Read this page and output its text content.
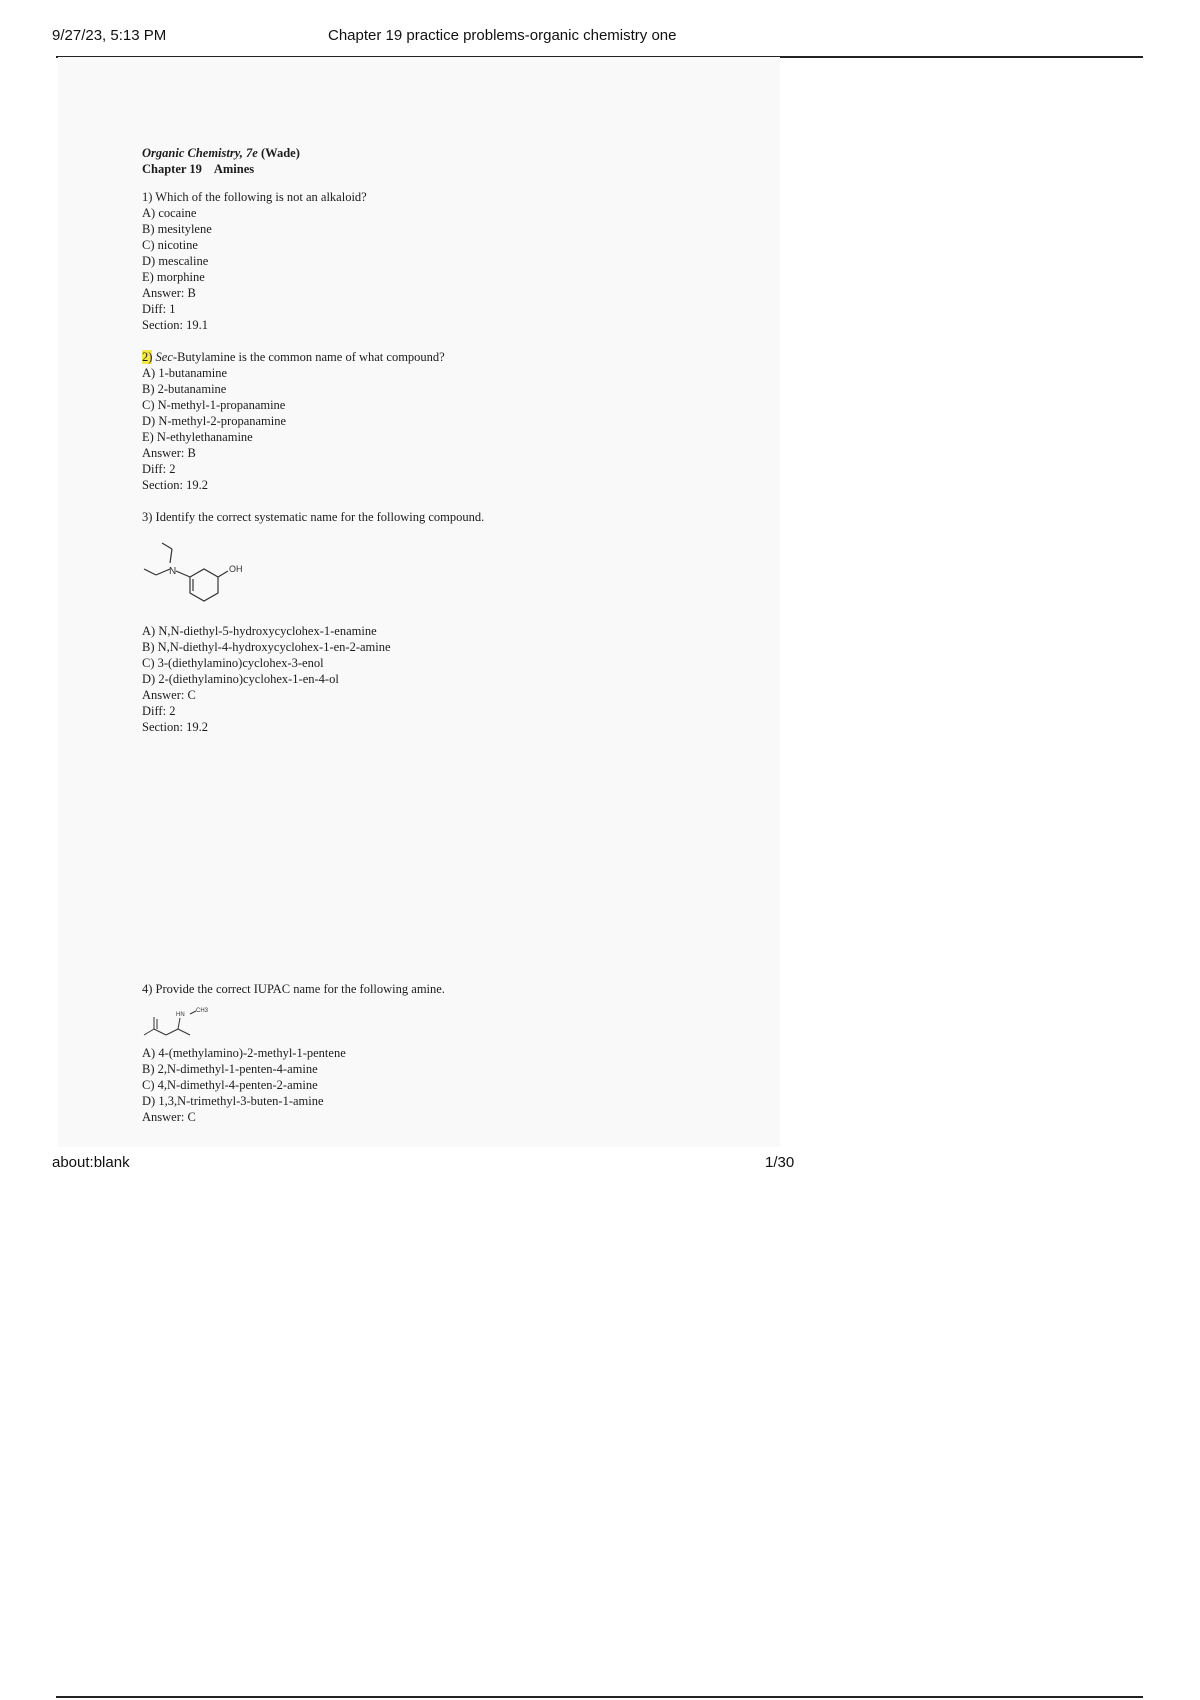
9/27/23, 5:13 PM	Chapter 19 practice problems-organic chemistry one

Organic Chemistry, 7e (Wade)

Chapter 19 Amines

1) Which of the following is not an alkaloid?

A) cocaine

B) mesitylene

C) nicotine

D) mescaline

E) morphine

Answer: B

Diff: 1

Section: 19.1

2) Sec-Butylamine is the common name of what compound?

A) 1-butanamine

B) 2-butanamine

C) N-methyl-1-propanamine

D) N-methyl-2-propanamine

E) N-ethylethanamine

Answer: B

Diff: 2

Section: 19.2

3) Identify the correct systematic name for the following compound.

N	OH

A) N,N-diethyl-5-hydroxycyclohex-1-enamine

B) N,N-diethyl-4-hydroxycyclohex-1-en-2-amine

C) 3-(diethylamino)cyclohex-3-enol

D) 2-(diethylamino)cyclohex-1-en-4-ol

Answer: C

Diff: 2

Section: 19.2

4) Provide the correct IUPAC name for the following amine.

HN
CH3

A) 4-(methylamino)-2-methyl-1-pentene

B) 2,N-dimethyl-1-penten-4-amine

C) 4,N-dimethyl-4-penten-2-amine

D) 1,3,N-trimethyl-3-buten-1-amine

Answer: C

about:blank	1/30
